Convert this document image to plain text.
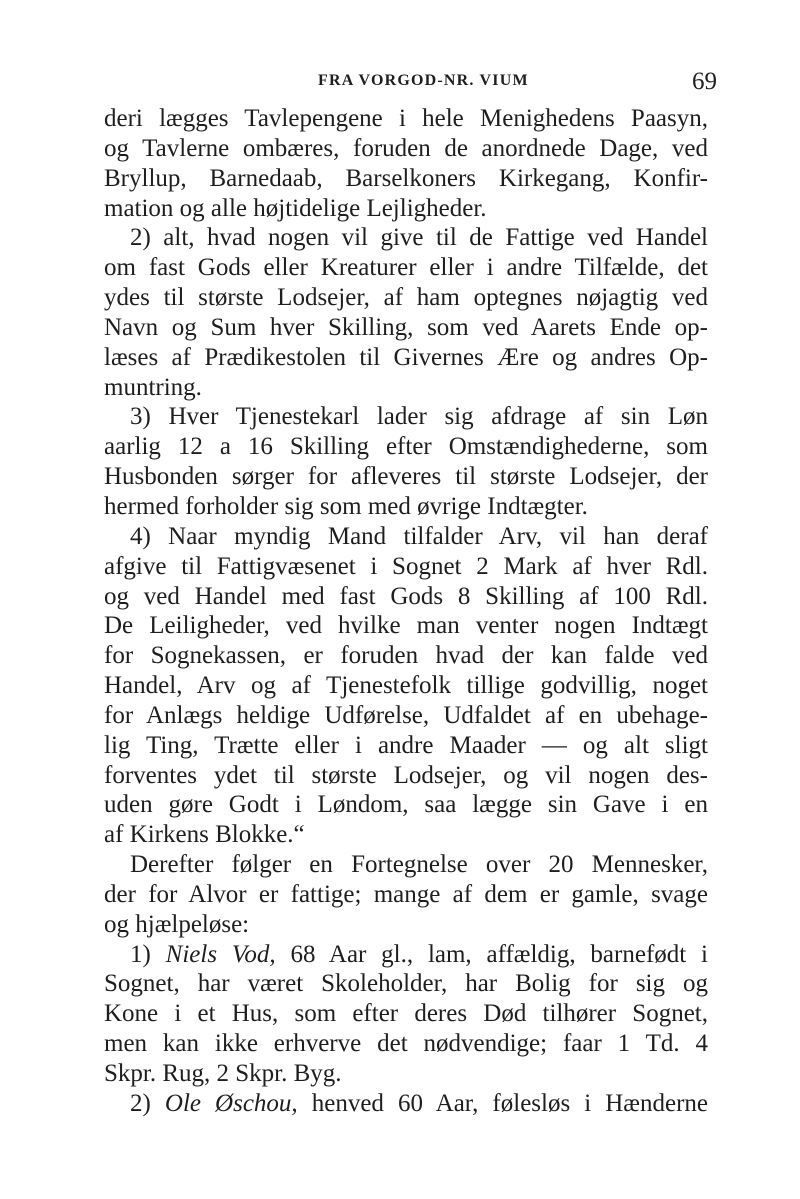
FRA VORGOD-NR. VIUM	69
deri lægges Tavlepengene i hele Menighedens Paasyn,
og Tavlerne ombæres, foruden de anordnede Dage, ved
Bryllup, Barnedaab, Barselkoners Kirkegang, Konfir-
mation og alle højtidelige Lejligheder.
2) alt, hvad nogen vil give til de Fattige ved Handel
om fast Gods eller Kreaturer eller i andre Tilfælde, det
ydes til største Lodsejer, af ham optegnes nøjagtig ved
Navn og Sum hver Skilling, som ved Aarets Ende op-
læses af Prædikestolen til Givernes Ære og andres Op-
muntring.
3) Hver Tjenestekarl lader sig afdrage af sin Løn
aarlig 12 a 16 Skilling efter Omstændighederne, som
Husbonden sørger for afleveres til største Lodsejer, der
hermed forholder sig som med øvrige Indtægter.
4) Naar myndig Mand tilfalder Arv, vil han deraf
afgive til Fattigvæsenet i Sognet 2 Mark af hver Rdl.
og ved Handel med fast Gods 8 Skilling af 100 Rdl.
De Leiligheder, ved hvilke man venter nogen Indtægt
for Sognekassen, er foruden hvad der kan falde ved
Handel, Arv og af Tjenestefolk tillige godvillig, noget
for Anlægs heldige Udførelse, Udfaldet af en ubehage-
lig Ting, Trætte eller i andre Maader — og alt sligt
forventes ydet til største Lodsejer, og vil nogen des-
uden gøre Godt i Løndom, saa lægge sin Gave i en
af Kirkens Blokke.“
Derefter følger en Fortegnelse over 20 Mennesker,
der for Alvor er fattige; mange af dem er gamle, svage
og hjælpeløse:
1) Niels Vod, 68 Aar gl., lam, affældig, barnefødt i
Sognet, har været Skoleholder, har Bolig for sig og
Kone i et Hus, som efter deres Død tilhører Sognet,
men kan ikke erhverve det nødvendige; faar 1 Td. 4
Skpr. Rug, 2 Skpr. Byg.
2) Ole Øschou, henved 60 Aar, følesløs i Hænderne
